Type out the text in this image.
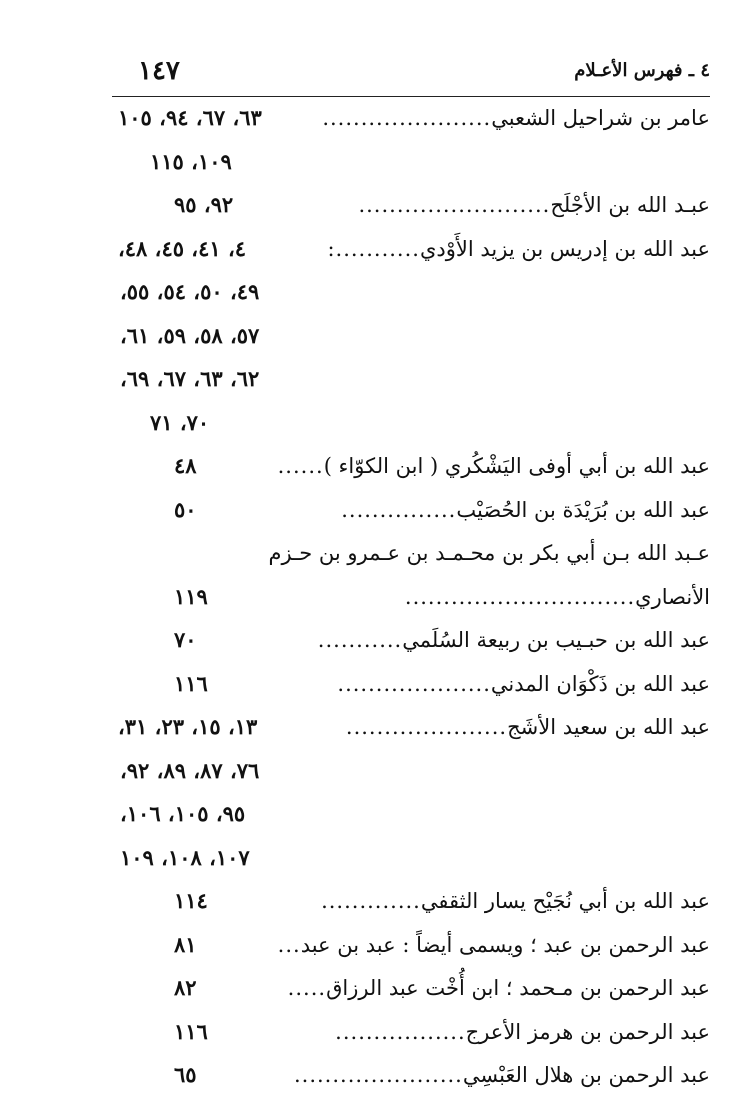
١٤٧	٤ ـ فهرس الأعـلام
عامر بن شراحيل الشعبي......................
٦٣، ٦٧، ٩٤، ١٠٥
١٠٩، ١١٥
عبـد الله بن الأجْلَح.........................
٩٢، ٩٥
عبد الله بن إدريس بن يزيد الأَوْدي...........:
٤، ٤١، ٤٥، ٤٨،
٤٩، ٥٠، ٥٤، ٥٥،
٥٧، ٥٨، ٥٩، ٦١،
٦٢، ٦٣، ٦٧، ٦٩،
٧٠، ٧١
عبد الله بن أبي أوفى اليَشْكُري ( ابن الكوّاء )......
٤٨
عبد الله بن بُرَيْدَة بن الحُصَيْب...............
٥٠
عـبد الله بـن أبي بكر بن محـمـد بن عـمرو بن حـزم
الأنصاري..............................
١١٩
عبد الله بن حبـيب بن ربيعة السُلَمي...........
٧٠
عبد الله بن ذَكْوَان المدني....................
١١٦
عبد الله بن سعيد الأشَج.....................
١٣، ١٥، ٢٣، ٣١،
٧٦، ٨٧، ٨٩، ٩٢،
٩٥، ١٠٥، ١٠٦،
١٠٧، ١٠٨، ١٠٩
عبد الله بن أبي نُجَيْح يسار الثقفي.............
١١٤
عبد الرحمن بن عبد ؛ ويسمى أيضاً : عبد بن عبد...
٨١
عبد الرحمن بن مـحمد ؛ ابن أُخْت عبد الرزاق.....
٨٢
عبد الرحمن بن هرمز الأعرج.................
١١٦
عبد الرحمن بن هلال العَبْسِي......................
٦٥
